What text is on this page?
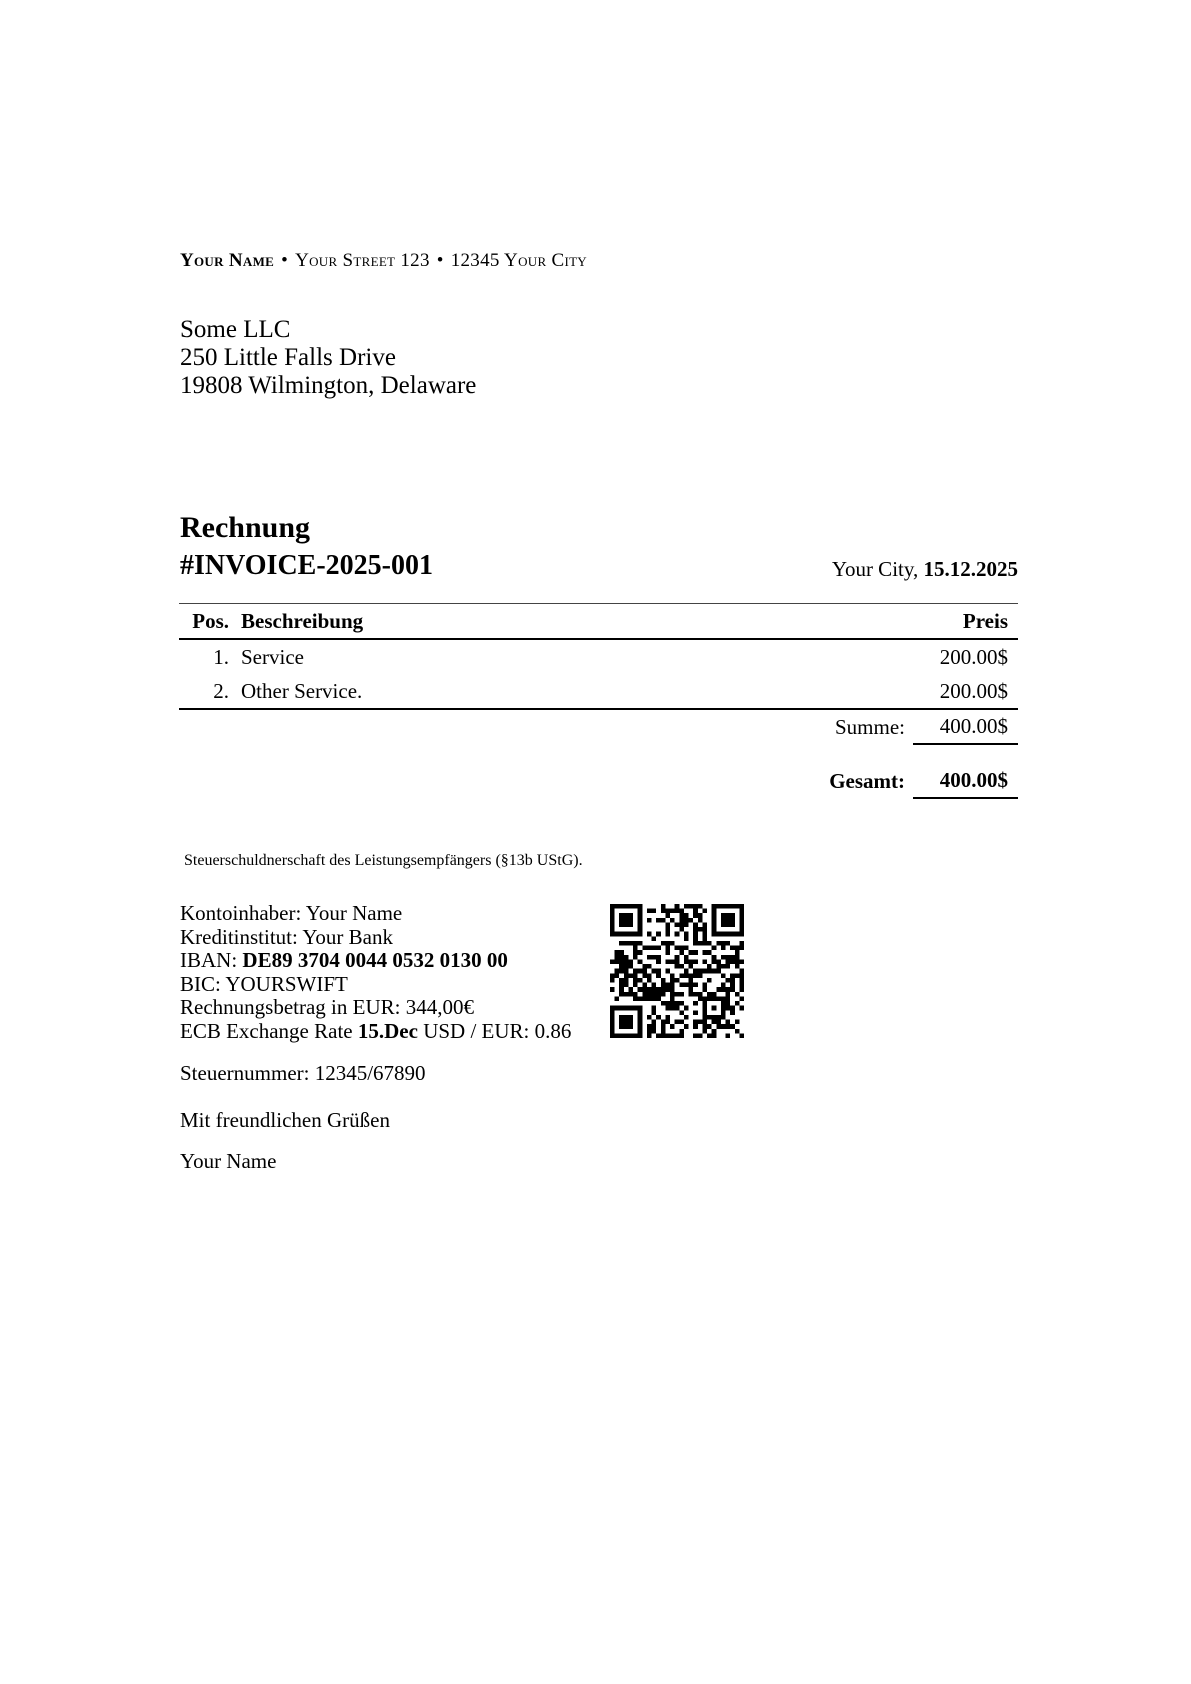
Your Name • Your Street 123 • 12345 Your City
Some LLC
250 Little Falls Drive
19808 Wilmington, Delaware
Rechnung
#INVOICE-2025-001	Your City, 15.12.2025
Pos.	Beschreibung	Preis
1.	Service	200.00$
2.	Other Service.	200.00$
Summe:	400.00$
Gesamt:	400.00$
Steuerschuldnerschaft des Leistungsempfängers (§13b UStG).
Kontoinhaber: Your Name
Kreditinstitut: Your Bank
IBAN: DE89 3704 0044 0532 0130 00
BIC: YOURSWIFT
Rechnungsbetrag in EUR: 344,00€
ECB Exchange Rate 15.Dec USD / EUR: 0.86
Steuernummer: 12345/67890
Mit freundlichen Grüßen
Your Name
